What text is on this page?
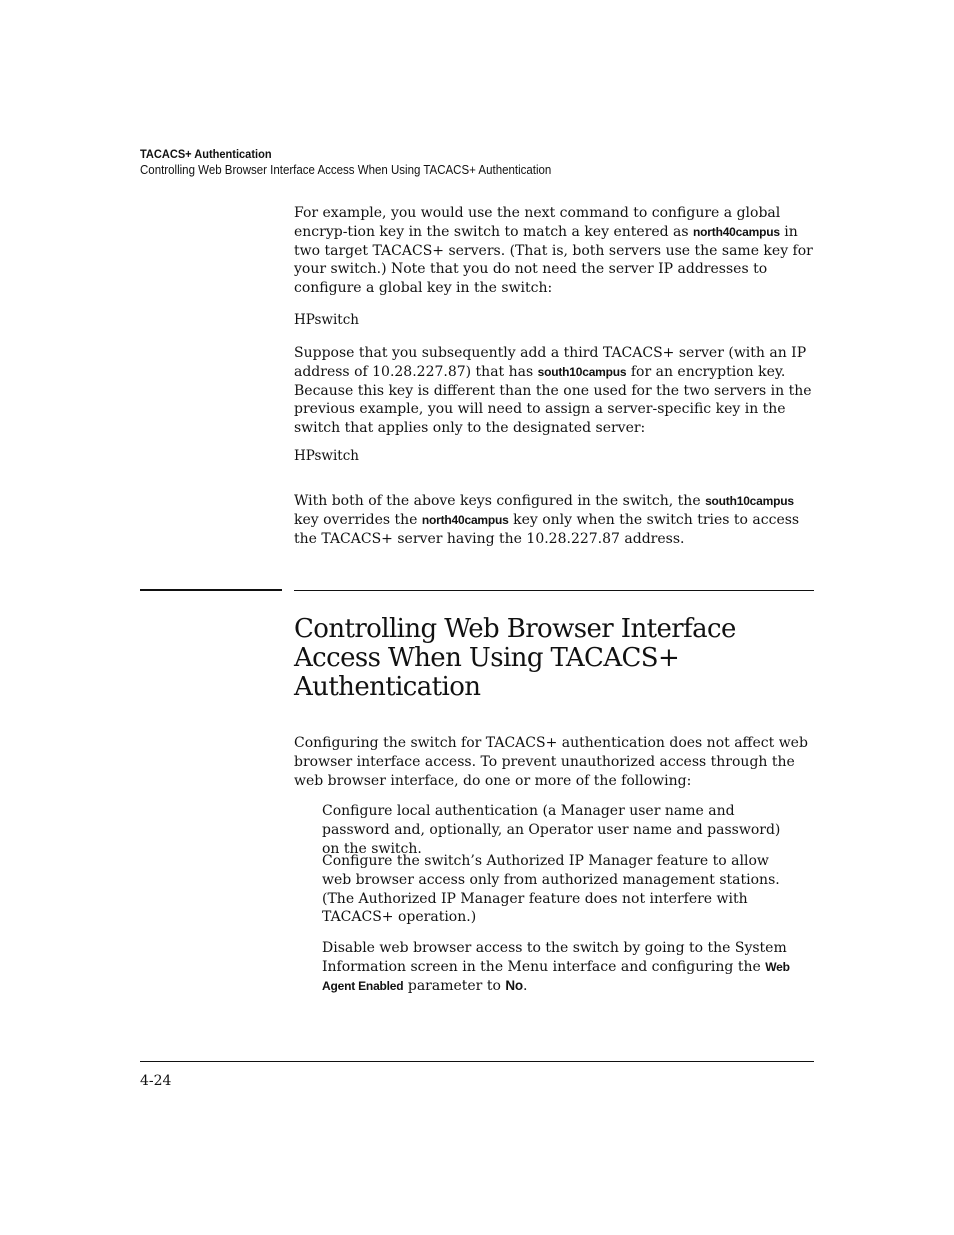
TACACS+ Authentication
Controlling Web Browser Interface Access When Using TACACS+ Authentication

For example, you would use the next command to configure a global encryp-tion key in the switch to match a key entered as north40campus in two target TACACS+ servers. (That is, both servers use the same key for your switch.) Note that you do not need the server IP addresses to configure a global key in the switch:

HPswitch

Suppose that you subsequently add a third TACACS+ server (with an IP address of 10.28.227.87) that has south10campus for an encryption key. Because this key is different than the one used for the two servers in the previous example, you will need to assign a server-specific key in the switch that applies only to the designated server:

HPswitch

With both of the above keys configured in the switch, the south10campus key overrides the north40campus key only when the switch tries to access the TACACS+ server having the 10.28.227.87 address.

Controlling Web Browser Interface Access When Using TACACS+ Authentication
Configuring the switch for TACACS+ authentication does not affect web browser interface access. To prevent unauthorized access through the web browser interface, do one or more of the following:
Configure local authentication (a Manager user name and password and, optionally, an Operator user name and password) on the switch.
Configure the switch’s Authorized IP Manager feature to allow web browser access only from authorized management stations. (The Authorized IP Manager feature does not interfere with TACACS+ operation.)
Disable web browser access to the switch by going to the System Information screen in the Menu interface and configuring the Web Agent Enabled parameter to No.
4-24
